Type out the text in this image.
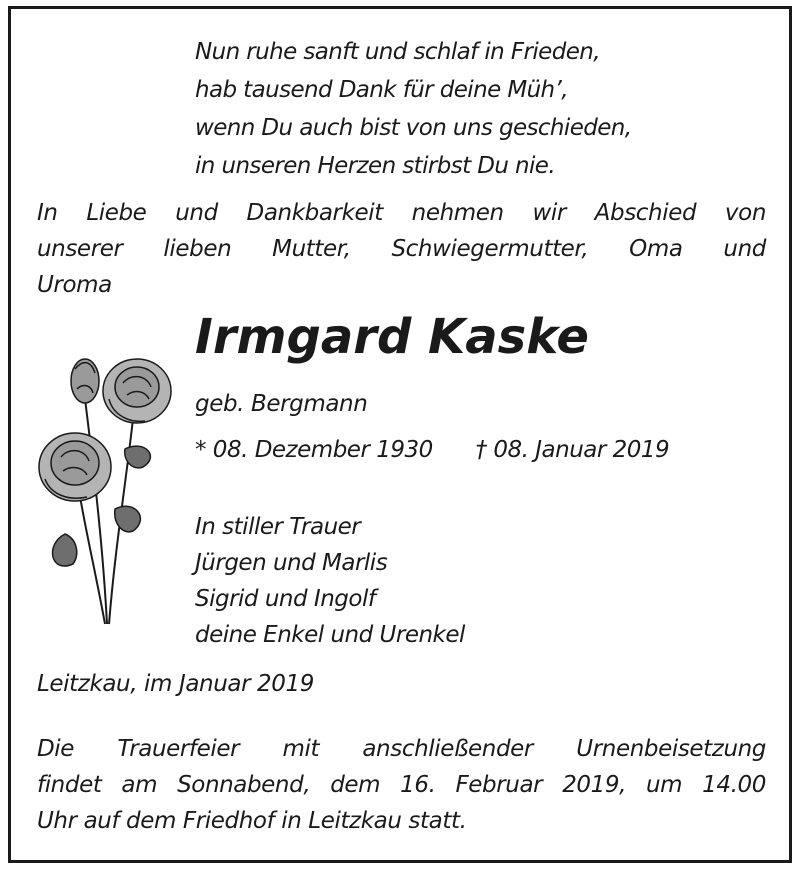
Nun ruhe sanft und schlaf in Frieden,
hab tausend Dank für deine Müh’,
wenn Du auch bist von uns geschieden,
in unseren Herzen stirbst Du nie.
In Liebe und Dankbarkeit nehmen wir Abschied von
unserer lieben Mutter, Schwiegermutter, Oma und
Uroma
Irmgard Kaske
geb. Bergmann
* 08. Dezember 1930 † 08. Januar 2019
In stiller Trauer
Jürgen und Marlis
Sigrid und Ingolf
deine Enkel und Urenkel
Leitzkau, im Januar 2019
Die Trauerfeier mit anschließender Urnenbeisetzung
findet am Sonnabend, dem 16. Februar 2019, um 14.00
Uhr auf dem Friedhof in Leitzkau statt.
